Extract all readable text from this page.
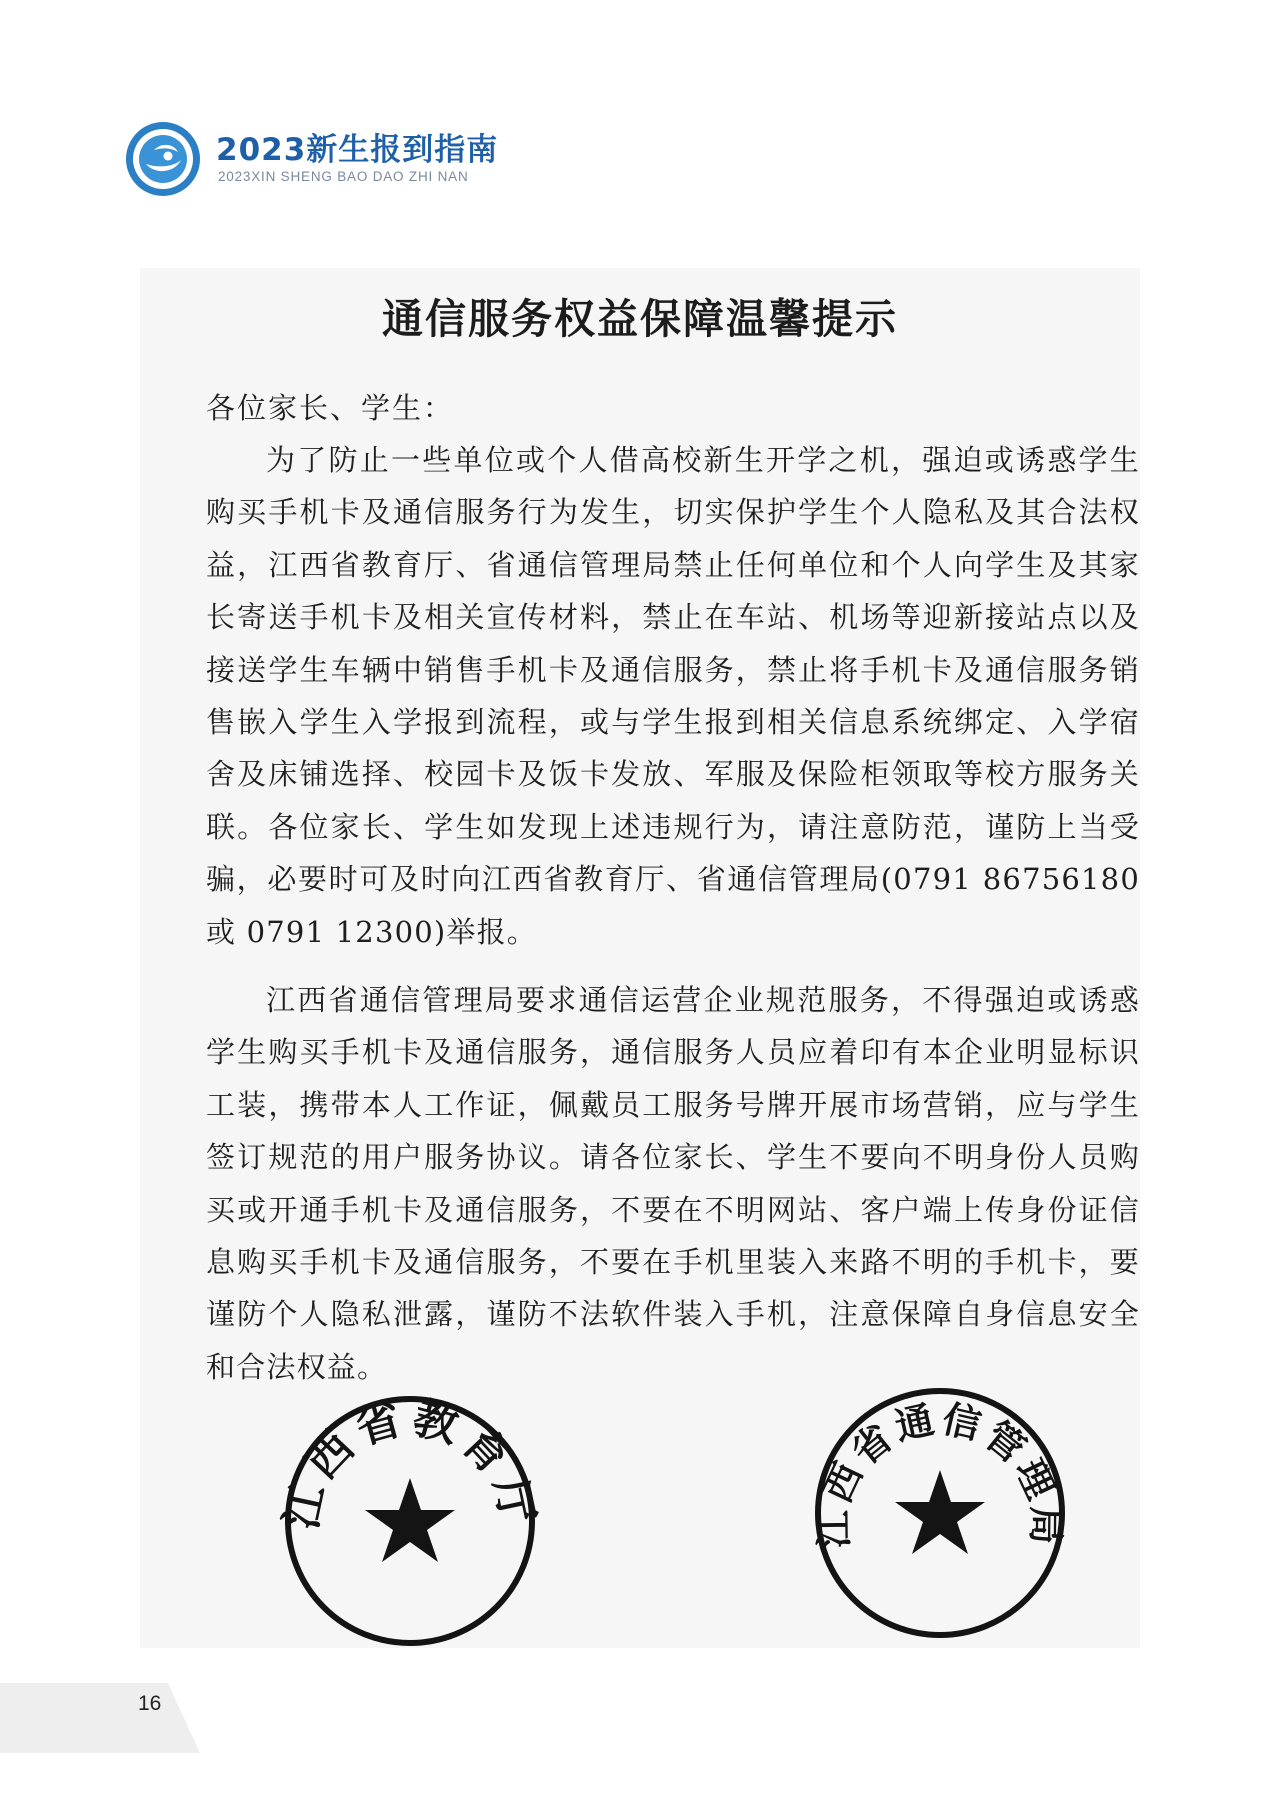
2023新生报到指南
2023XIN SHENG BAO DAO ZHI NAN
通信服务权益保障温馨提示

各位家长、学生：

为了防止一些单位或个人借高校新生开学之机，强迫或诱惑学生购买手机卡及通信服务行为发生，切实保护学生个人隐私及其合法权益，江西省教育厅、省通信管理局禁止任何单位和个人向学生及其家长寄送手机卡及相关宣传材料，禁止在车站、机场等迎新接站点以及接送学生车辆中销售手机卡及通信服务，禁止将手机卡及通信服务销售嵌入学生入学报到流程，或与学生报到相关信息系统绑定、入学宿舍及床铺选择、校园卡及饭卡发放、军服及保险柜领取等校方服务关联。各位家长、学生如发现上述违规行为，请注意防范，谨防上当受骗，必要时可及时向江西省教育厅、省通信管理局(0791 86756180 或 0791 12300)举报。

江西省通信管理局要求通信运营企业规范服务，不得强迫或诱惑学生购买手机卡及通信服务，通信服务人员应着印有本企业明显标识工装，携带本人工作证，佩戴员工服务号牌开展市场营销，应与学生签订规范的用户服务协议。请各位家长、学生不要向不明身份人员购买或开通手机卡及通信服务，不要在不明网站、客户端上传身份证信息购买手机卡及通信服务，不要在手机里装入来路不明的手机卡，要谨防个人隐私泄露，谨防不法软件装入手机，注意保障自身信息安全和合法权益。

江西省教育厅	江西省通信管理局
16
